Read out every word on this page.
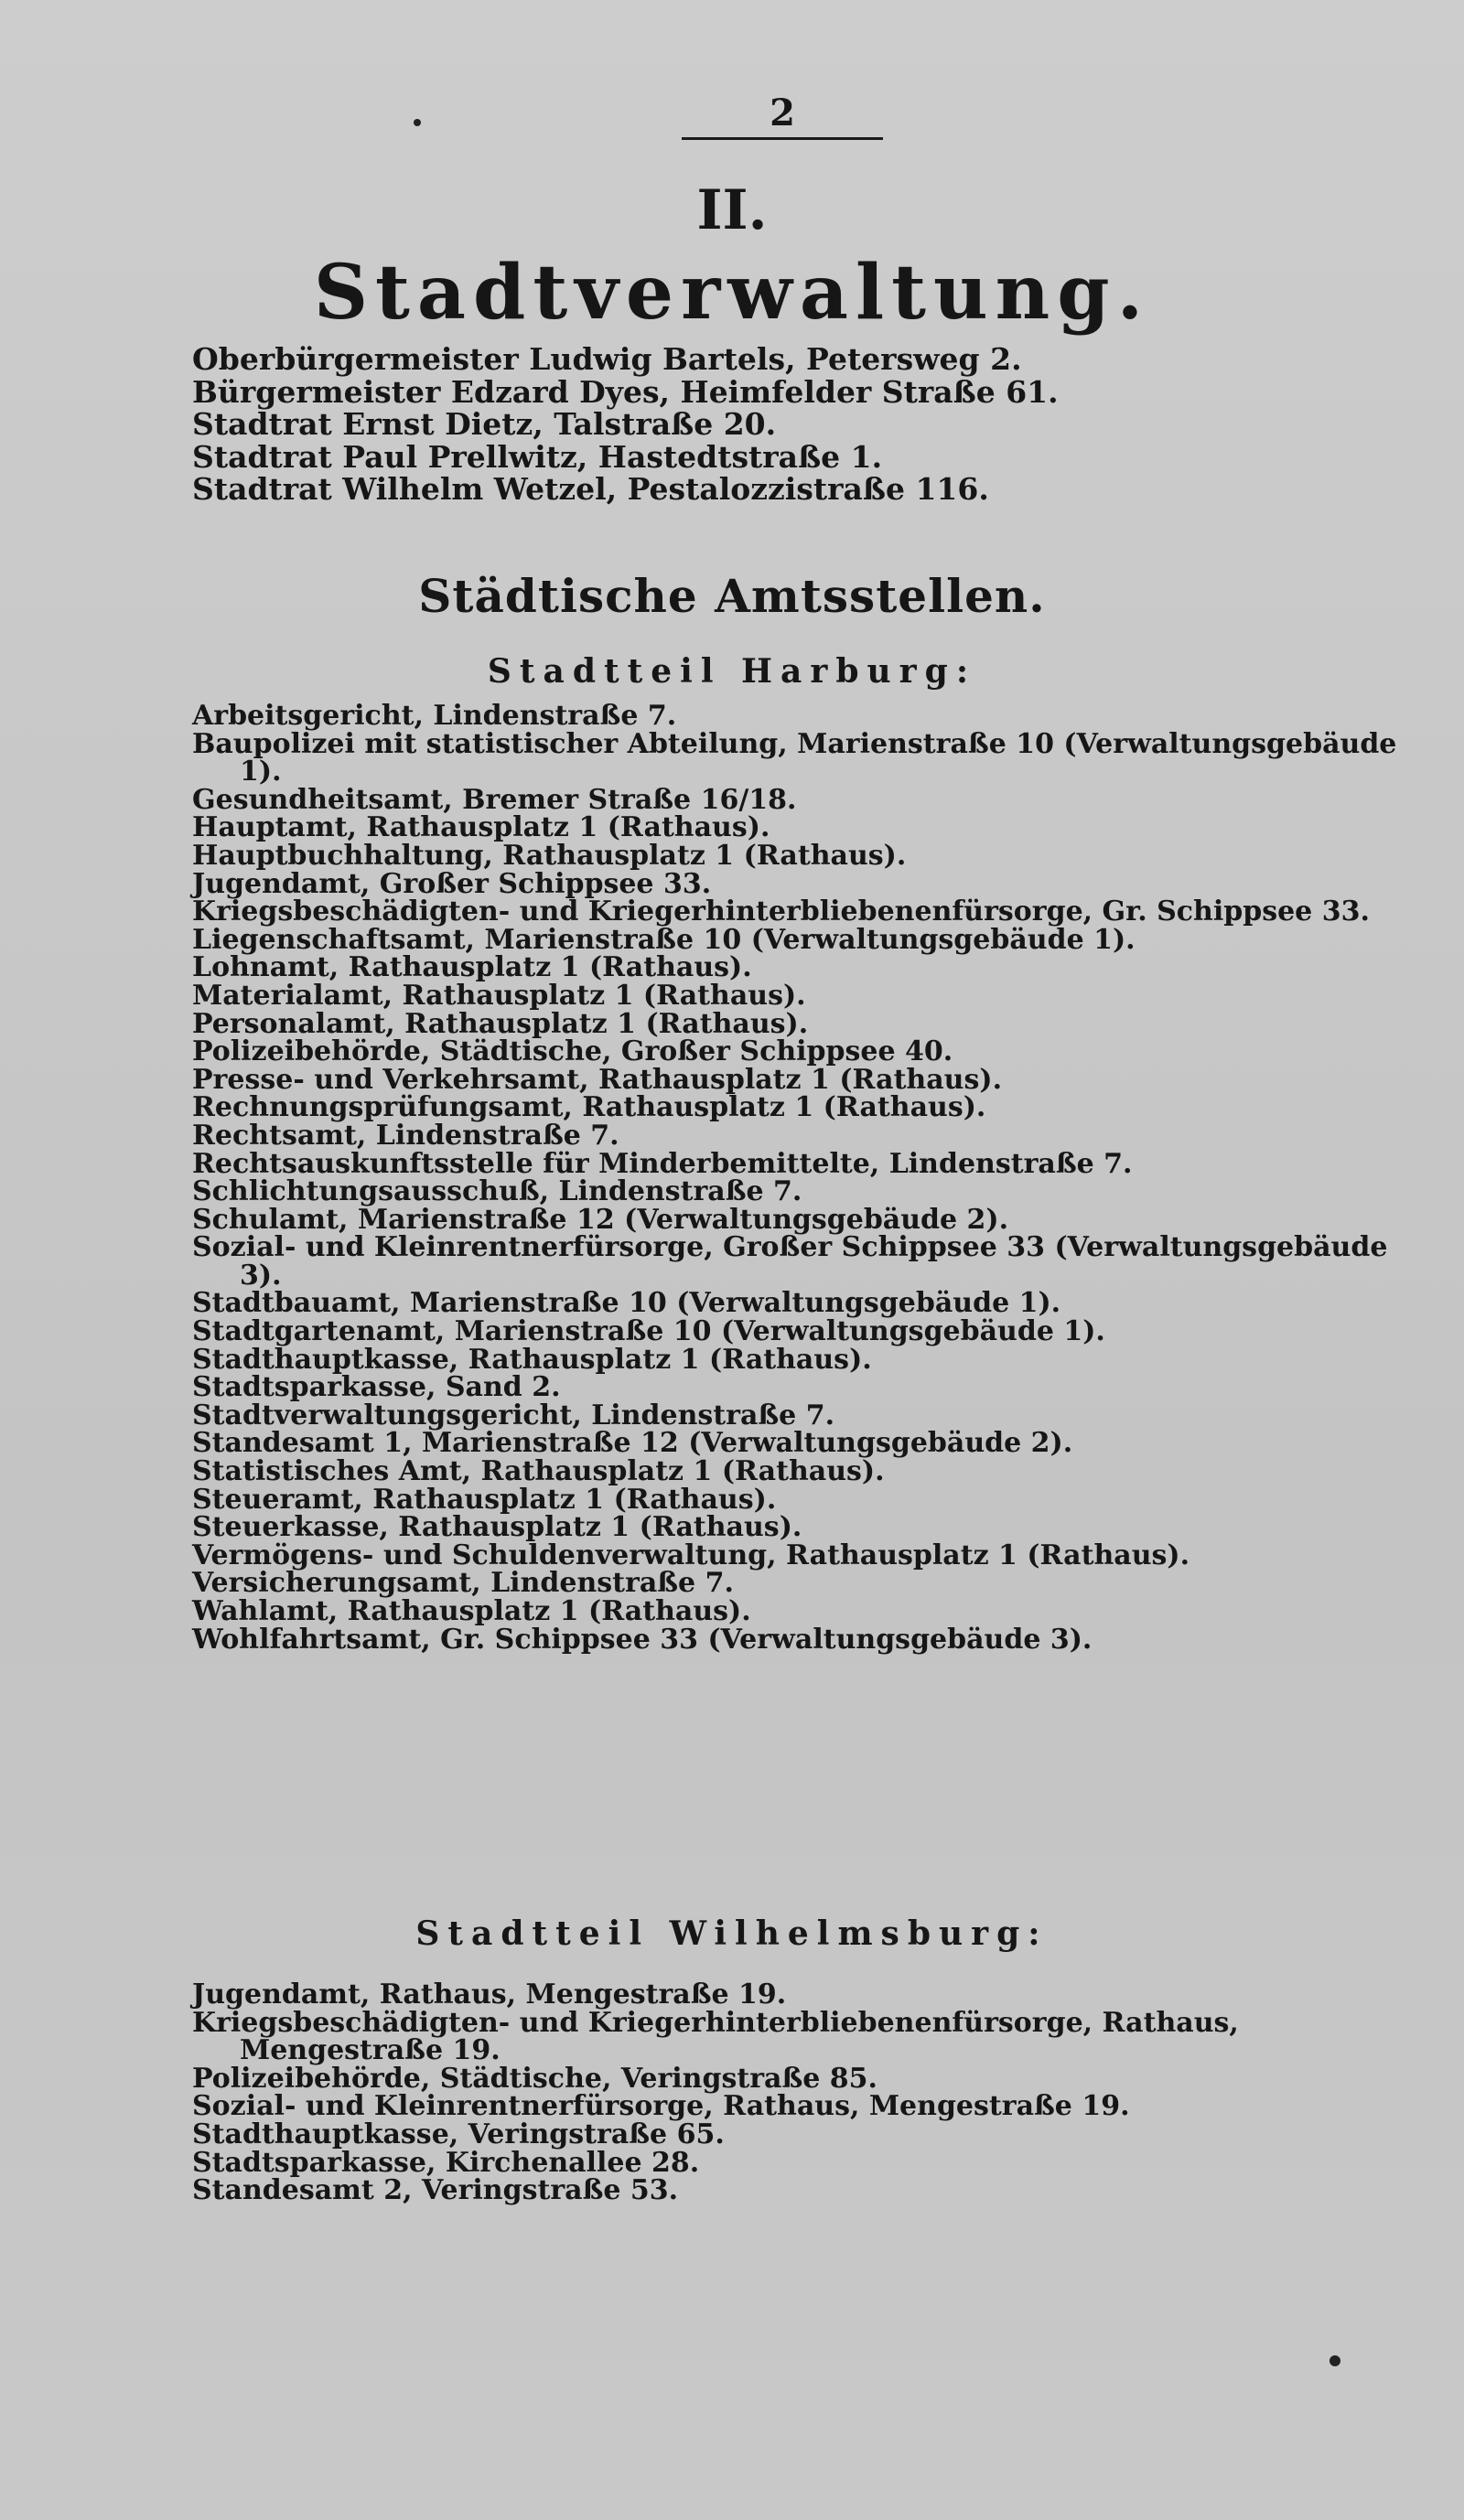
2
II.
Stadtverwaltung.
Oberbürgermeister Ludwig Bartels, Petersweg 2.
Bürgermeister Edzard Dyes, Heimfelder Straße 61.
Stadtrat Ernst Dietz, Talstraße 20.
Stadtrat Paul Prellwitz, Hastedtstraße 1.
Stadtrat Wilhelm Wetzel, Pestalozzistraße 116.
Städtische Amtsstellen.
Stadtteil Harburg:
Arbeitsgericht, Lindenstraße 7.
Baupolizei mit statistischer Abteilung, Marienstraße 10 (Verwaltungsgebäude 1).
Gesundheitsamt, Bremer Straße 16/18.
Hauptamt, Rathausplatz 1 (Rathaus).
Hauptbuchhaltung, Rathausplatz 1 (Rathaus).
Jugendamt, Großer Schippsee 33.
Kriegsbeschädigten- und Kriegerhinterbliebenenfürsorge, Gr. Schippsee 33.
Liegenschaftsamt, Marienstraße 10 (Verwaltungsgebäude 1).
Lohnamt, Rathausplatz 1 (Rathaus).
Materialamt, Rathausplatz 1 (Rathaus).
Personalamt, Rathausplatz 1 (Rathaus).
Polizeibehörde, Städtische, Großer Schippsee 40.
Presse- und Verkehrsamt, Rathausplatz 1 (Rathaus).
Rechnungsprüfungsamt, Rathausplatz 1 (Rathaus).
Rechtsamt, Lindenstraße 7.
Rechtsauskunftsstelle für Minderbemittelte, Lindenstraße 7.
Schlichtungsausschuß, Lindenstraße 7.
Schulamt, Marienstraße 12 (Verwaltungsgebäude 2).
Sozial- und Kleinrentnerfürsorge, Großer Schippsee 33 (Verwaltungsgebäude 3).
Stadtbauamt, Marienstraße 10 (Verwaltungsgebäude 1).
Stadtgartenamt, Marienstraße 10 (Verwaltungsgebäude 1).
Stadthauptkasse, Rathausplatz 1 (Rathaus).
Stadtsparkasse, Sand 2.
Stadtverwaltungsgericht, Lindenstraße 7.
Standesamt 1, Marienstraße 12 (Verwaltungsgebäude 2).
Statistisches Amt, Rathausplatz 1 (Rathaus).
Steueramt, Rathausplatz 1 (Rathaus).
Steuerkasse, Rathausplatz 1 (Rathaus).
Vermögens- und Schuldenverwaltung, Rathausplatz 1 (Rathaus).
Versicherungsamt, Lindenstraße 7.
Wahlamt, Rathausplatz 1 (Rathaus).
Wohlfahrtsamt, Gr. Schippsee 33 (Verwaltungsgebäude 3).
Stadtteil Wilhelmsburg:
Jugendamt, Rathaus, Mengestraße 19.
Kriegsbeschädigten- und Kriegerhinterbliebenenfürsorge, Rathaus, Mengestraße 19.
Polizeibehörde, Städtische, Veringstraße 85.
Sozial- und Kleinrentnerfürsorge, Rathaus, Mengestraße 19.
Stadthauptkasse, Veringstraße 65.
Stadtsparkasse, Kirchenallee 28.
Standesamt 2, Veringstraße 53.
